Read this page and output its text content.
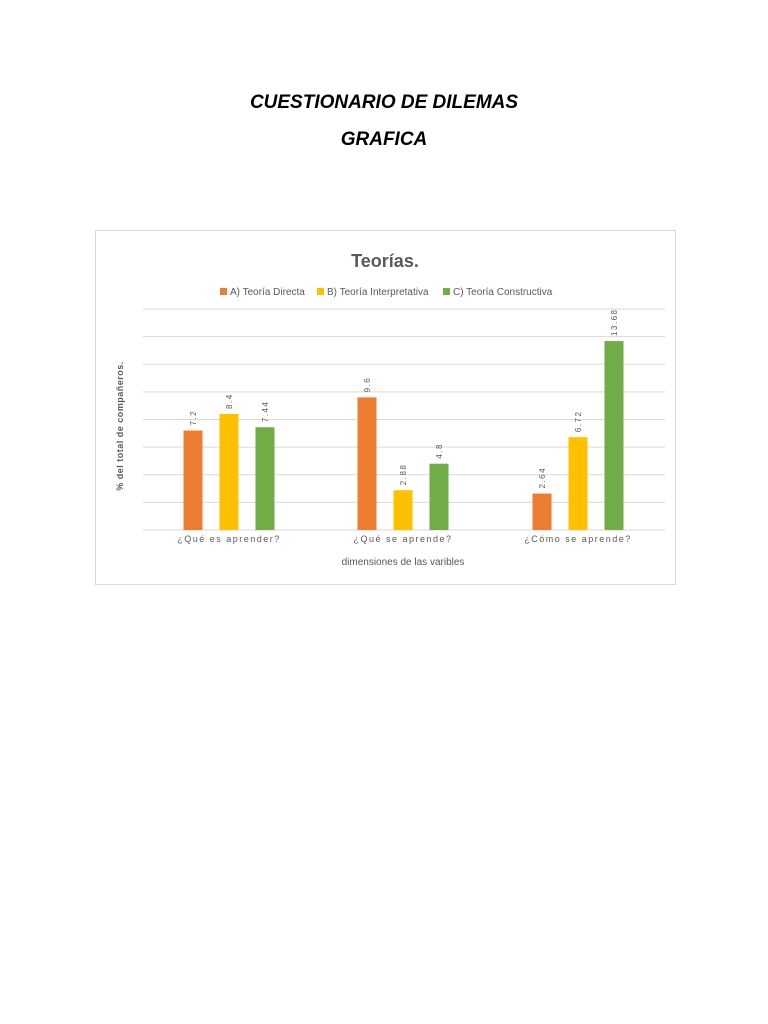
CUESTIONARIO DE DILEMAS
GRAFICA
Teorías.
A) Teoría Directa B) Teoría Interpretativa C) Teoría Constructiva
7.2
8.4	7.44
9.6
2.88
4.8
2.64
6.72
13.68
¿Qué es aprender?	¿Qué se aprende?	¿Cómo se aprende?
dimensiones de las varibles
% del total de compañeros.
